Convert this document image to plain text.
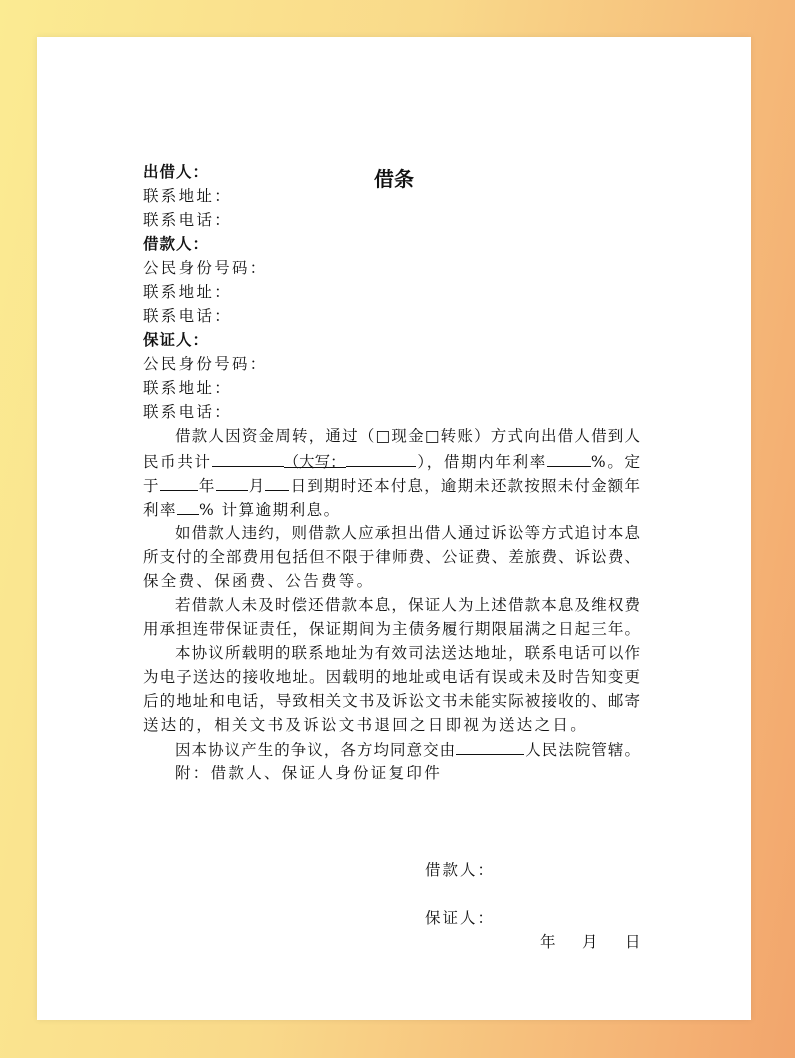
借条
出借人：
联系地址：
联系电话：
借款人：
公民身份号码：
联系地址：
联系电话：
保证人：
公民身份号码：
联系地址：
联系电话：
借款人因资金周转，通过（□现金□转账）方式向出借人借到人
民币共计	（大写：	），借期内年利率	%。定
于 年 月 日到期时还本付息，逾期未还款按照未付金额年
利率 % 计算逾期利息。
如借款人违约，则借款人应承担出借人通过诉讼等方式追讨本息
所支付的全部费用包括但不限于律师费、公证费、差旅费、诉讼费、
保全费、保函费、公告费等。
若借款人未及时偿还借款本息，保证人为上述借款本息及维权费
用承担连带保证责任，保证期间为主债务履行期限届满之日起三年。
本协议所载明的联系地址为有效司法送达地址，联系电话可以作
为电子送达的接收地址。因载明的地址或电话有误或未及时告知变更
后的地址和电话，导致相关文书及诉讼文书未能实际被接收的、邮寄
送达的，相关文书及诉讼文书退回之日即视为送达之日。
因本协议产生的争议，各方均同意交由	人民法院管辖。
附：借款人、保证人身份证复印件
借款人：
保证人：
年 月 日
